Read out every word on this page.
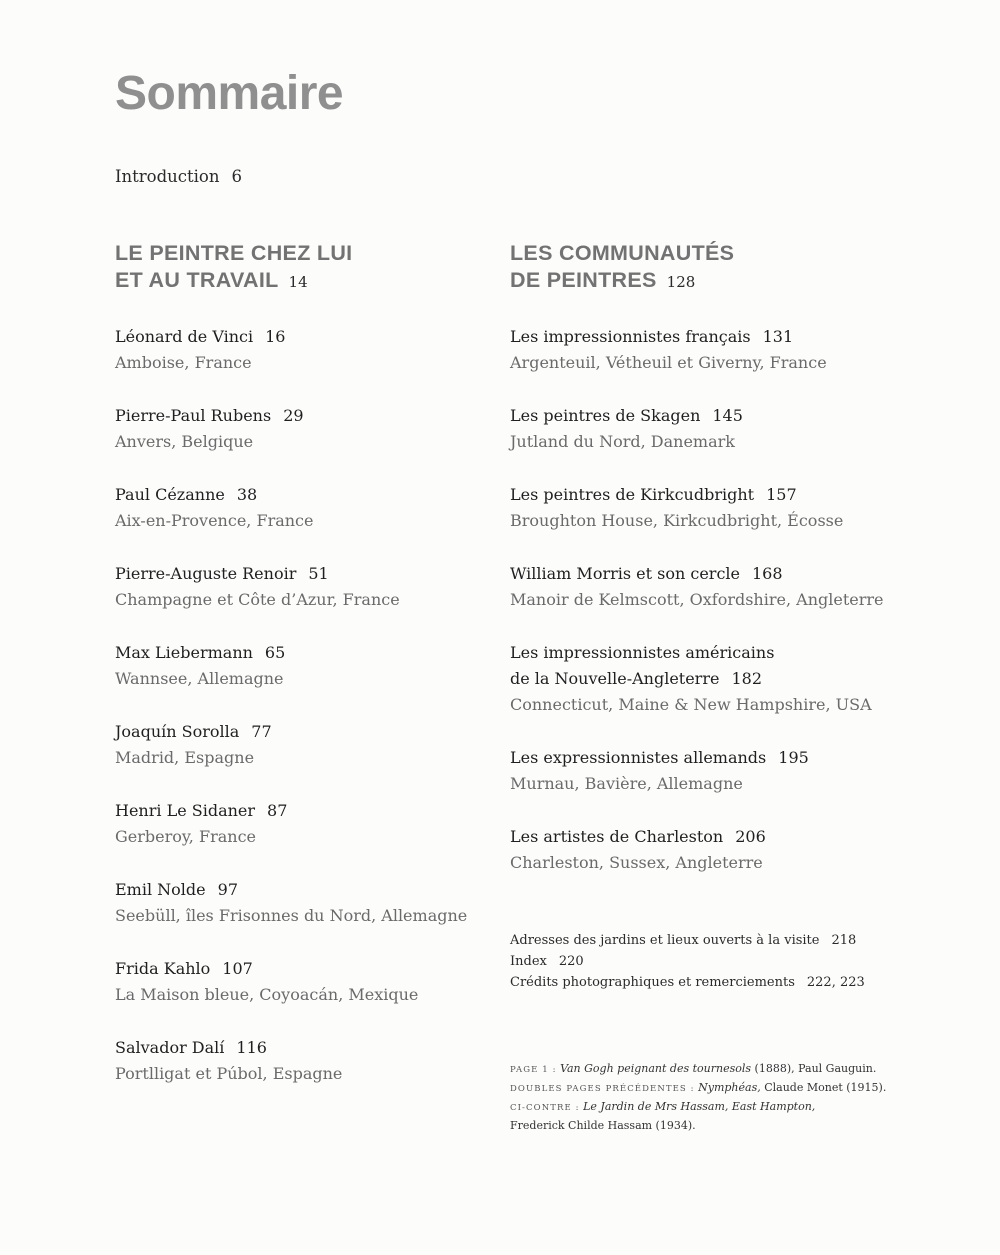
Sommaire
Introduction 6
LE PEINTRE CHEZ LUI
ET AU TRAVAIL 14
Léonard de Vinci 16
Amboise, France
Pierre-Paul Rubens 29
Anvers, Belgique
Paul Cézanne 38
Aix-en-Provence, France
Pierre-Auguste Renoir 51
Champagne et Côte d’Azur, France
Max Liebermann 65
Wannsee, Allemagne
Joaquín Sorolla 77
Madrid, Espagne
Henri Le Sidaner 87
Gerberoy, France
Emil Nolde 97
Seebüll, îles Frisonnes du Nord, Allemagne
Frida Kahlo 107
La Maison bleue, Coyoacán, Mexique
Salvador Dalí 116
Portlligat et Púbol, Espagne
LES COMMUNAUTÉS
DE PEINTRES 128
Les impressionnistes français 131
Argenteuil, Vétheuil et Giverny, France
Les peintres de Skagen 145
Jutland du Nord, Danemark
Les peintres de Kirkcudbright 157
Broughton House, Kirkcudbright, Écosse
William Morris et son cercle 168
Manoir de Kelmscott, Oxfordshire, Angleterre
Les impressionnistes américains
de la Nouvelle-Angleterre 182
Connecticut, Maine & New Hampshire, USA
Les expressionnistes allemands 195
Murnau, Bavière, Allemagne
Les artistes de Charleston 206
Charleston, Sussex, Angleterre
Adresses des jardins et lieux ouverts à la visite 218
Index 220
Crédits photographiques et remerciements 222, 223
PAGE 1 : Van Gogh peignant des tournesols (1888), Paul Gauguin.
DOUBLES PAGES PRÉCÉDENTES : Nymphéas, Claude Monet (1915).
CI-CONTRE : Le Jardin de Mrs Hassam, East Hampton,
Frederick Childe Hassam (1934).
